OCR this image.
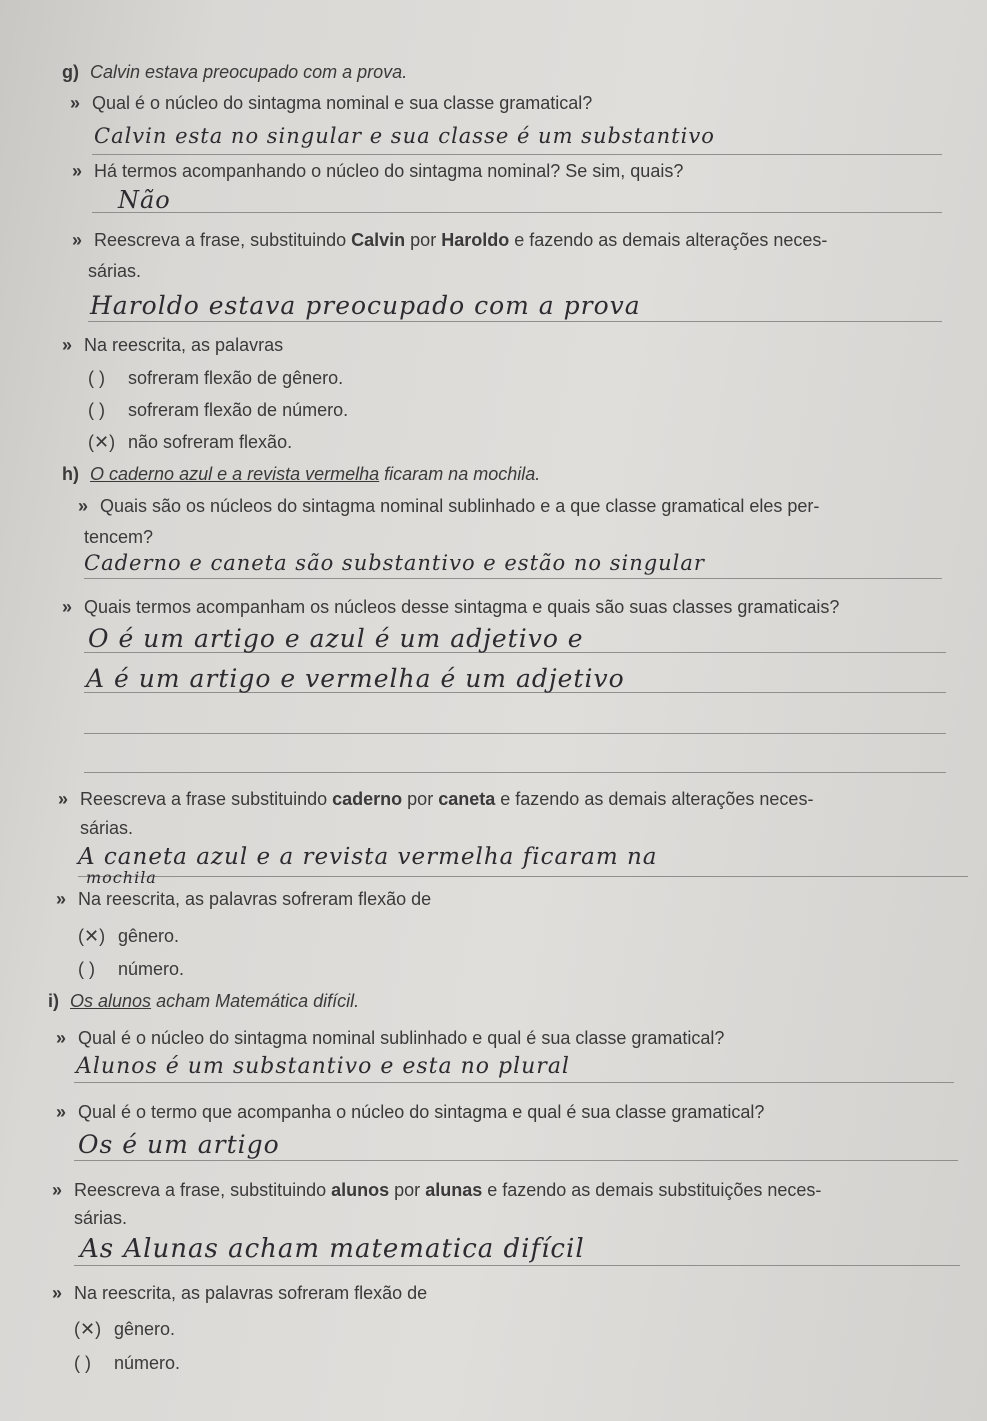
g) Calvin estava preocupado com a prova.
» Qual é o núcleo do sintagma nominal e sua classe gramatical?
Calvin esta no singular e sua classe é um substantivo
» Há termos acompanhando o núcleo do sintagma nominal? Se sim, quais?
Não
» Reescreva a frase, substituindo Calvin por Haroldo e fazendo as demais alterações neces-
sárias.
Haroldo estava preocupado com a prova
» Na reescrita, as palavras
( ) sofreram flexão de gênero.
( ) sofreram flexão de número.
(✕) não sofreram flexão.
h) O caderno azul e a revista vermelha ficaram na mochila.
» Quais são os núcleos do sintagma nominal sublinhado e a que classe gramatical eles per-
tencem?
Caderno e caneta são substantivo e estão no singular
» Quais termos acompanham os núcleos desse sintagma e quais são suas classes gramaticais?
O é um artigo e azul é um adjetivo e
A é um artigo e vermelha é um adjetivo
» Reescreva a frase substituindo caderno por caneta e fazendo as demais alterações neces-
sárias.
A caneta azul e a revista vermelha ficaram na
mochila
» Na reescrita, as palavras sofreram flexão de
(✕) gênero.
( ) número.
i) Os alunos acham Matemática difícil.
» Qual é o núcleo do sintagma nominal sublinhado e qual é sua classe gramatical?
Alunos é um substantivo e esta no plural
» Qual é o termo que acompanha o núcleo do sintagma e qual é sua classe gramatical?
Os é um artigo
» Reescreva a frase, substituindo alunos por alunas e fazendo as demais substituições neces-
sárias.
As Alunas acham matematica difícil
» Na reescrita, as palavras sofreram flexão de
(✕) gênero.
( ) número.
